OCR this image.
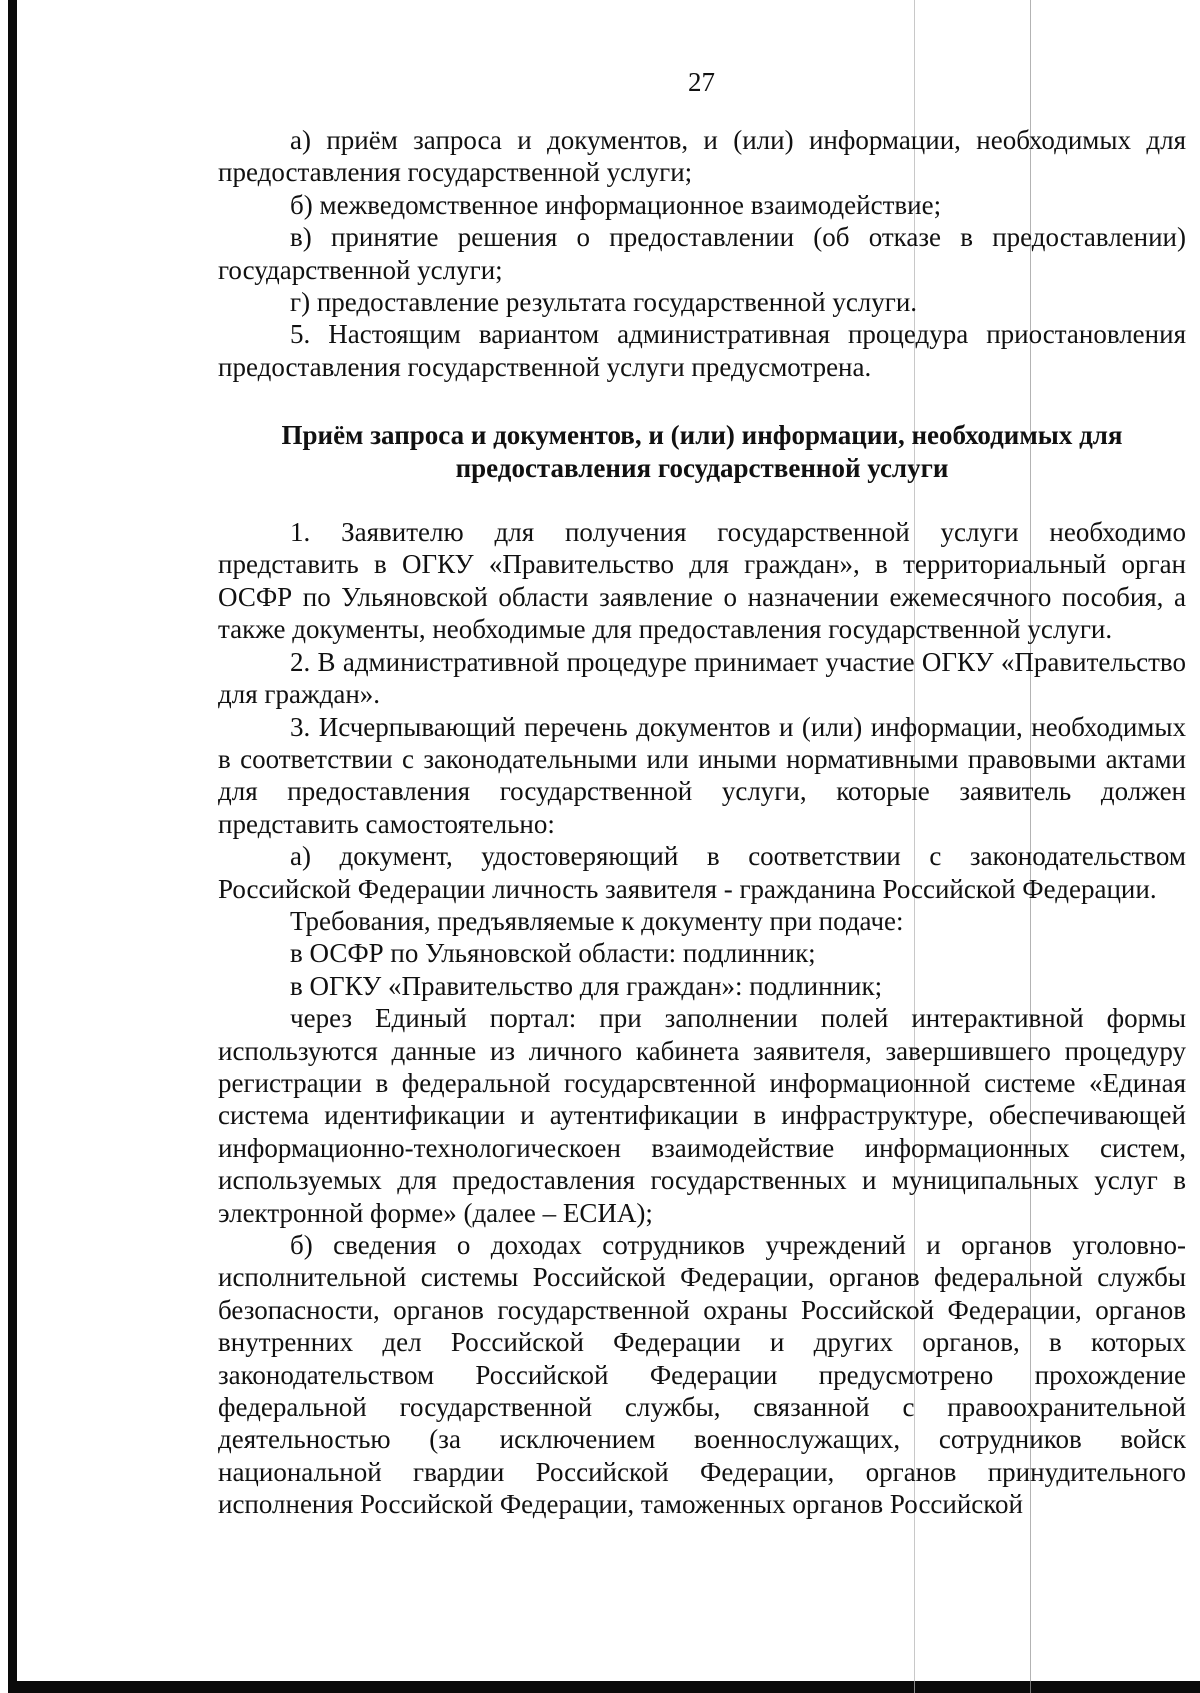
27

а) приём запроса и документов, и (или) информации, необходимых для предоставления государственной услуги;

б) межведомственное информационное взаимодействие;

в) принятие решения о предоставлении (об отказе в предоставлении) государственной услуги;

г) предоставление результата государственной услуги.

5. Настоящим вариантом административная процедура приостановления предоставления государственной услуги предусмотрена.

Приём запроса и документов, и (или) информации, необходимых для предоставления государственной услуги

1. Заявителю для получения государственной услуги необходимо представить в ОГКУ «Правительство для граждан», в территориальный орган ОСФР по Ульяновской области заявление о назначении ежемесячного пособия, а также документы, необходимые для предоставления государственной услуги.

2. В административной процедуре принимает участие ОГКУ «Правительство для граждан».

3. Исчерпывающий перечень документов и (или) информации, необходимых в соответствии с законодательными или иными нормативными правовыми актами для предоставления государственной услуги, которые заявитель должен представить самостоятельно:

а) документ, удостоверяющий в соответствии с законодательством Российской Федерации личность заявителя - гражданина Российской Федерации.

Требования, предъявляемые к документу при подаче:

в ОСФР по Ульяновской области: подлинник;

в ОГКУ «Правительство для граждан»: подлинник;

через Единый портал: при заполнении полей интерактивной формы используются данные из личного кабинета заявителя, завершившего процедуру регистрации в федеральной государсвтенной информационной системе «Единая система идентификации и аутентификации в инфраструктуре, обеспечивающей информационно-технологическоен взаимодействие информационных систем, используемых для предоставления государственных и муниципальных услуг в электронной форме» (далее – ЕСИА);

б) сведения о доходах сотрудников учреждений и органов уголовно-исполнительной системы Российской Федерации, органов федеральной службы безопасности, органов государственной охраны Российской Федерации, органов внутренних дел Российской Федерации и других органов, в которых законодательством Российской Федерации предусмотрено прохождение федеральной государственной службы, связанной с правоохранительной деятельностью (за исключением военнослужащих, сотрудников войск национальной гвардии Российской Федерации, органов принудительного исполнения Российской Федерации, таможенных органов Российской
